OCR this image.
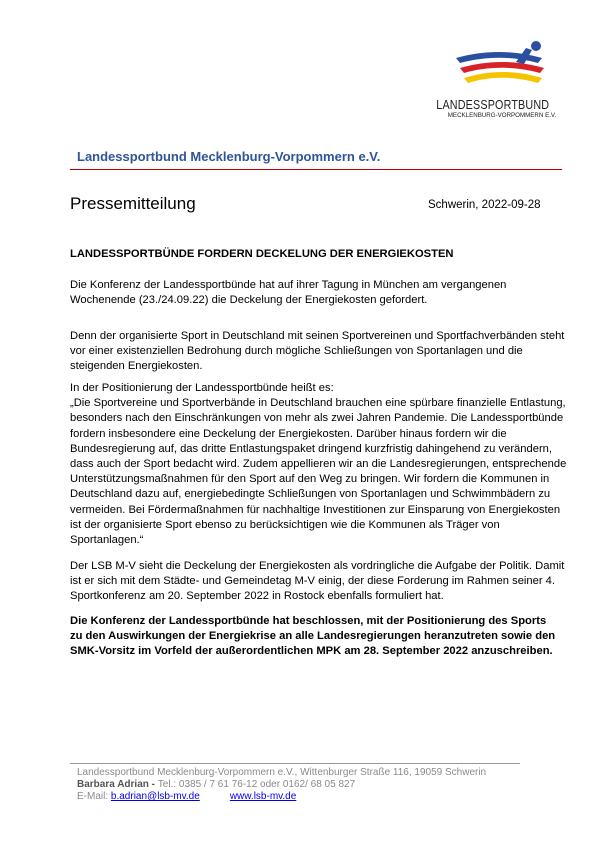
LANDESSPORTBUND
MECKLENBURG-VORPOMMERN E.V.
Landessportbund Mecklenburg-Vorpommern e.V.
Pressemitteilung	Schwerin, 2022-09-28
LANDESSPORTBÜNDE FORDERN DECKELUNG DER ENERGIEKOSTEN
Die Konferenz der Landessportbünde hat auf ihrer Tagung in München am vergangenen
Wochenende (23./24.09.22) die Deckelung der Energiekosten gefordert.
Denn der organisierte Sport in Deutschland mit seinen Sportvereinen und Sportfachverbänden steht
vor einer existenziellen Bedrohung durch mögliche Schließungen von Sportanlagen und die
steigenden Energiekosten.
In der Positionierung der Landessportbünde heißt es:
„Die Sportvereine und Sportverbände in Deutschland brauchen eine spürbare finanzielle Entlastung,
besonders nach den Einschränkungen von mehr als zwei Jahren Pandemie. Die Landessportbünde
fordern insbesondere eine Deckelung der Energiekosten. Darüber hinaus fordern wir die
Bundesregierung auf, das dritte Entlastungspaket dringend kurzfristig dahingehend zu verändern,
dass auch der Sport bedacht wird. Zudem appellieren wir an die Landesregierungen, entsprechende
Unterstützungsmaßnahmen für den Sport auf den Weg zu bringen. Wir fordern die Kommunen in
Deutschland dazu auf, energiebedingte Schließungen von Sportanlagen und Schwimmbädern zu
vermeiden. Bei Fördermaßnahmen für nachhaltige Investitionen zur Einsparung von Energiekosten
ist der organisierte Sport ebenso zu berücksichtigen wie die Kommunen als Träger von
Sportanlagen.“
Der LSB M-V sieht die Deckelung der Energiekosten als vordringliche die Aufgabe der Politik. Damit
ist er sich mit dem Städte- und Gemeindetag M-V einig, der diese Forderung im Rahmen seiner 4.
Sportkonferenz am 20. September 2022 in Rostock ebenfalls formuliert hat.
Die Konferenz der Landessportbünde hat beschlossen, mit der Positionierung des Sports
zu den Auswirkungen der Energiekrise an alle Landesregierungen heranzutreten sowie den
SMK-Vorsitz im Vorfeld der außerordentlichen MPK am 28. September 2022 anzuschreiben.
Landessportbund Mecklenburg-Vorpommern e.V., Wittenburger Straße 116, 19059 Schwerin
Barbara Adrian - Tel.: 0385 / 7 61 76-12 oder 0162/ 68 05 827
E-Mail: b.adrian@lsb-mv.de	www.lsb-mv.de
